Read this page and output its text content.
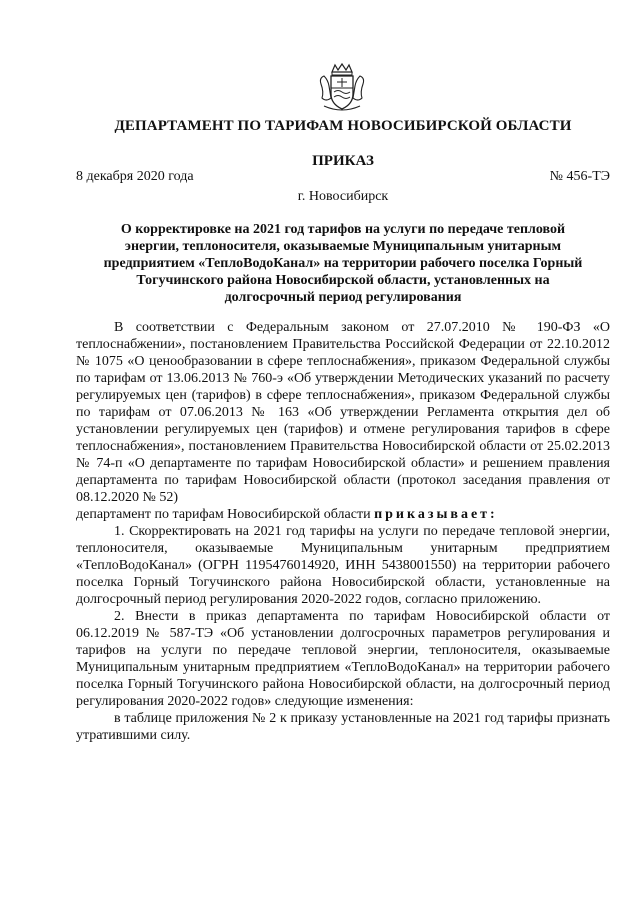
ДЕПАРТАМЕНТ ПО ТАРИФАМ НОВОСИБИРСКОЙ ОБЛАСТИ
ПРИКАЗ
8 декабря 2020 года	№ 456-ТЭ
г. Новосибирск
О корректировке на 2021 год тарифов на услуги по передаче тепловой энергии, теплоносителя, оказываемые Муниципальным унитарным предприятием «ТеплоВодоКанал» на территории рабочего поселка Горный Тогучинского района Новосибирской области, установленных на долгосрочный период регулирования

В соответствии с Федеральным законом от 27.07.2010 № 190-ФЗ «О теплоснабжении», постановлением Правительства Российской Федерации от 22.10.2012 № 1075 «О ценообразовании в сфере теплоснабжения», приказом Федеральной службы по тарифам от 13.06.2013 № 760-э «Об утверждении Методических указаний по расчету регулируемых цен (тарифов) в сфере теплоснабжения», приказом Федеральной службы по тарифам от 07.06.2013 № 163 «Об утверждении Регламента открытия дел об установлении регулируемых цен (тарифов) и отмене регулирования тарифов в сфере теплоснабжения», постановлением Правительства Новосибирской области от 25.02.2013 № 74-п «О департаменте по тарифам Новосибирской области» и решением правления департамента по тарифам Новосибирской области (протокол заседания правления от 08.12.2020 № 52)

департамент по тарифам Новосибирской области приказывает:

1. Скорректировать на 2021 год тарифы на услуги по передаче тепловой энергии, теплоносителя, оказываемые Муниципальным унитарным предприятием «ТеплоВодоКанал» (ОГРН 1195476014920, ИНН 5438001550) на территории рабочего поселка Горный Тогучинского района Новосибирской области, установленные на долгосрочный период регулирования 2020-2022 годов, согласно приложению.

2. Внести в приказ департамента по тарифам Новосибирской области от 06.12.2019 № 587-ТЭ «Об установлении долгосрочных параметров регулирования и тарифов на услуги по передаче тепловой энергии, теплоносителя, оказываемые Муниципальным унитарным предприятием «ТеплоВодоКанал» на территории рабочего поселка Горный Тогучинского района Новосибирской области, на долгосрочный период регулирования 2020-2022 годов» следующие изменения:

в таблице приложения № 2 к приказу установленные на 2021 год тарифы признать утратившими силу.
